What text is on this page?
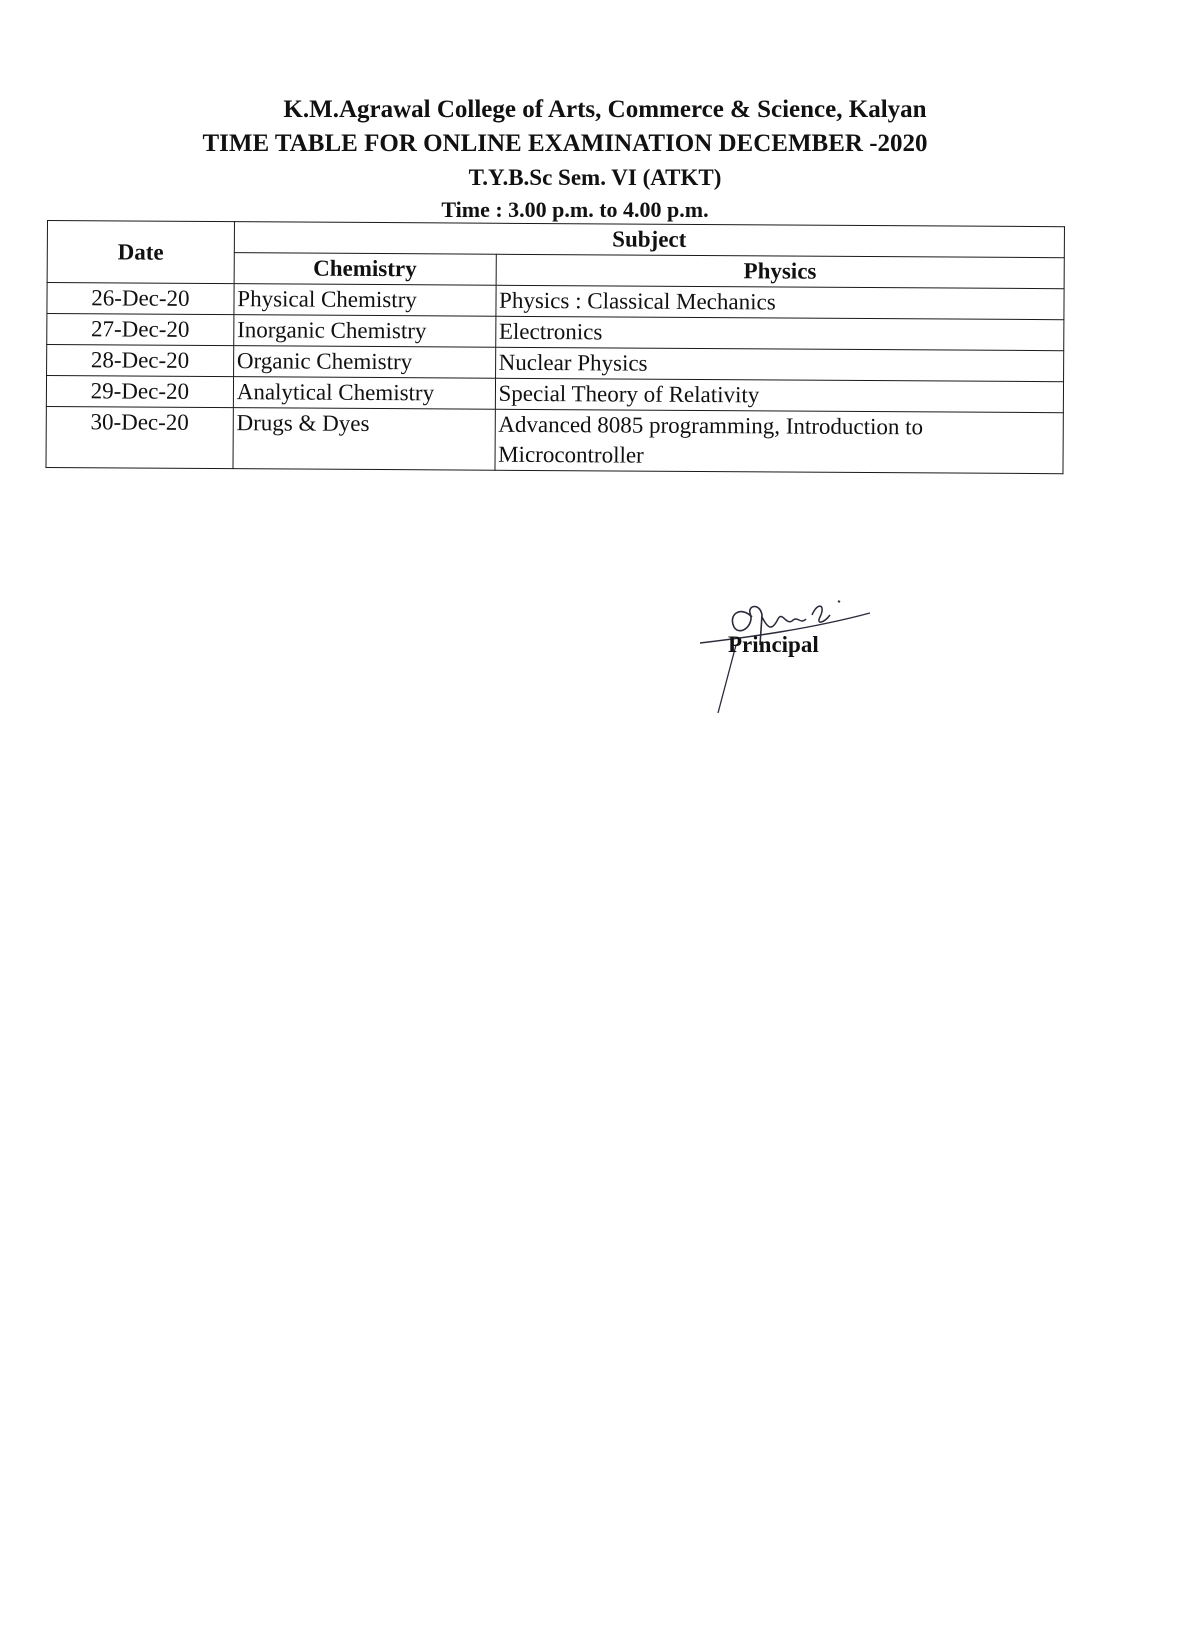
K.M.Agrawal College of Arts, Commerce & Science, Kalyan
TIME TABLE FOR ONLINE EXAMINATION DECEMBER -2020
T.Y.B.Sc Sem. VI (ATKT)
Time : 3.00 p.m. to 4.00 p.m.
Date	Subject	
	Chemistry	Physics
26-Dec-20	Physical Chemistry	Physics : Classical Mechanics
27-Dec-20	Inorganic Chemistry	Electronics
28-Dec-20	Organic Chemistry	Nuclear Physics
29-Dec-20	Analytical Chemistry	Special Theory of Relativity
30-Dec-20	Drugs & Dyes	Advanced 8085 programming, Introduction to Microcontroller
Principal
